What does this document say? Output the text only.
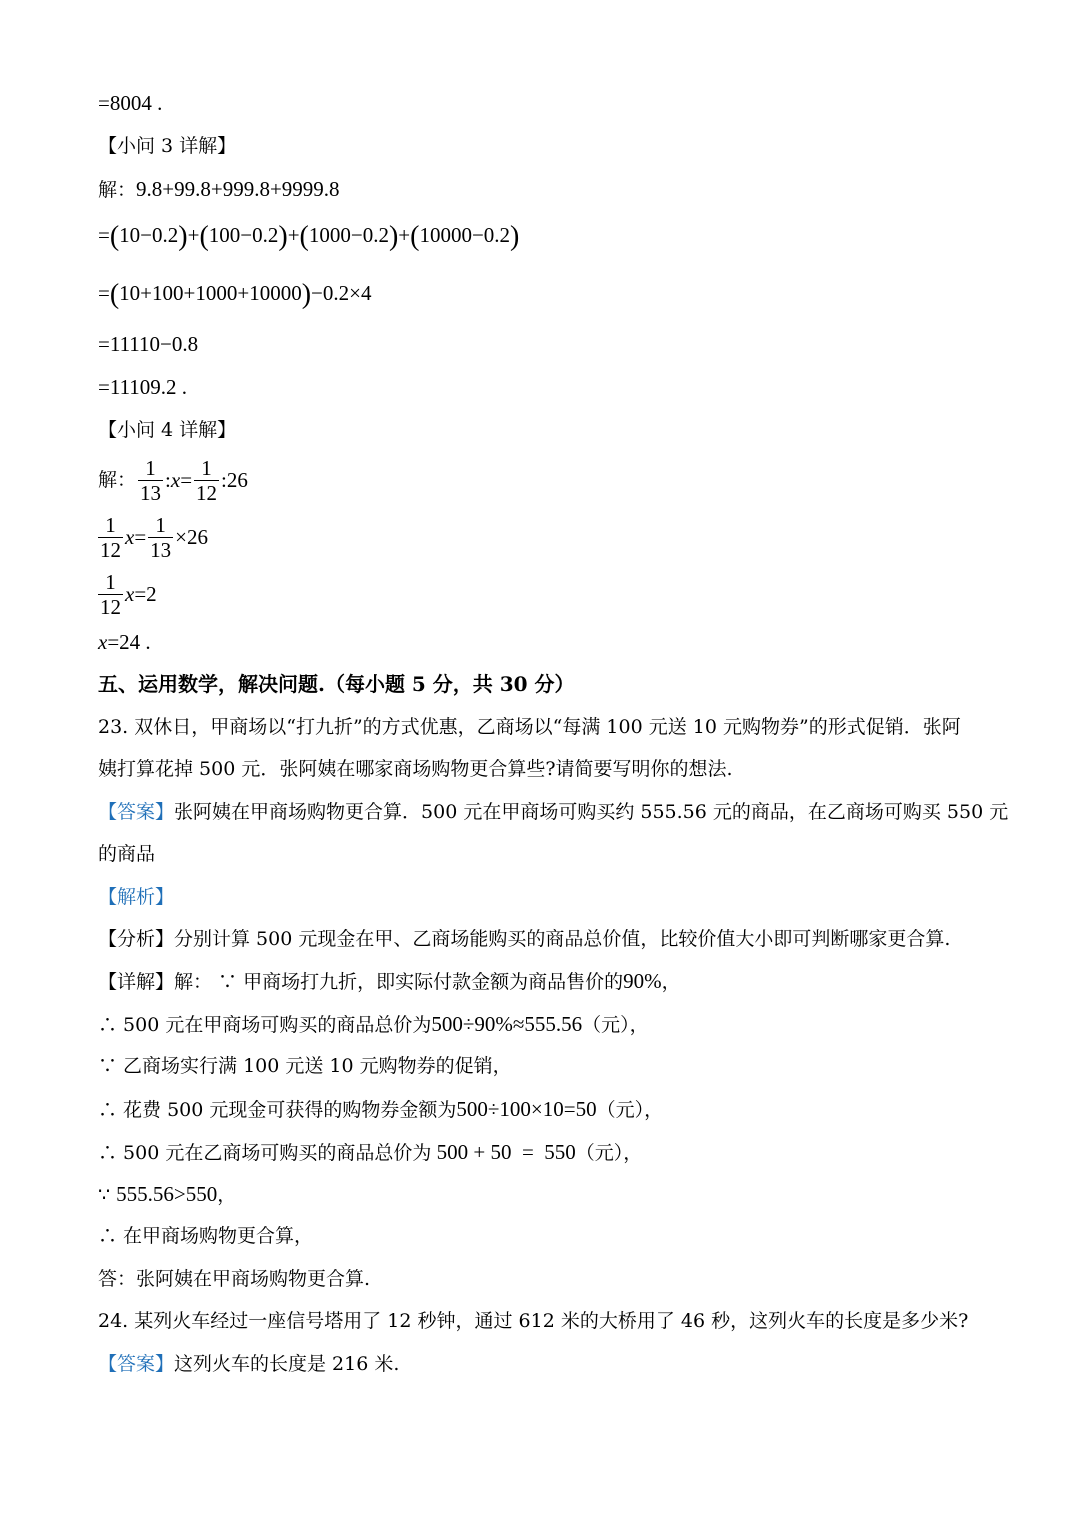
=8004 .
【小问 3 详解】
解：9.8+99.8+999.8+9999.8
=(10−0.2)+(100−0.2)+(1000−0.2)+(10000−0.2)
=(10+100+1000+10000)−0.2×4
=11110−0.8
=11109.2 .
【小问 4 详解】
解： $\frac{1}{13}$ :x= $\frac{1}{12}$ :26
$\frac{1}{12} x= \frac{1}{13} \times 26$
$\frac{1}{12} x=2$
x=24 .
五、运用数学，解决问题.（每小题 5 分，共 30 分）
23. 双休日，甲商场以“打九折”的方式优惠，乙商场以“每满 100 元送 10 元购物券”的形式促销．张阿
姨打算花掉 500 元．张阿姨在哪家商场购物更合算些?请简要写明你的想法.
【答案】张阿姨在甲商场购物更合算．500 元在甲商场可购买约 555.56 元的商品，在乙商场可购买 550 元
的商品
【解析】
【分析】分别计算 500 元现金在甲、乙商场能购买的商品总价值，比较价值大小即可判断哪家更合算.
【详解】解： ∵ 甲商场打九折，即实际付款金额为商品售价的90%，
∴ 500 元在甲商场可购买的商品总价为500÷90%≈555.56（元），
∵ 乙商场实行满 100 元送 10 元购物券的促销，
∴ 花费 500 元现金可获得的购物券金额为500÷100×10=50（元），
∴ 500 元在乙商场可购买的商品总价为 500 + 50  =  550（元），
∵ 555.56>550，
∴ 在甲商场购物更合算，
答：张阿姨在甲商场购物更合算.
24. 某列火车经过一座信号塔用了 12 秒钟，通过 612 米的大桥用了 46 秒，这列火车的长度是多少米?
【答案】这列火车的长度是 216 米.
